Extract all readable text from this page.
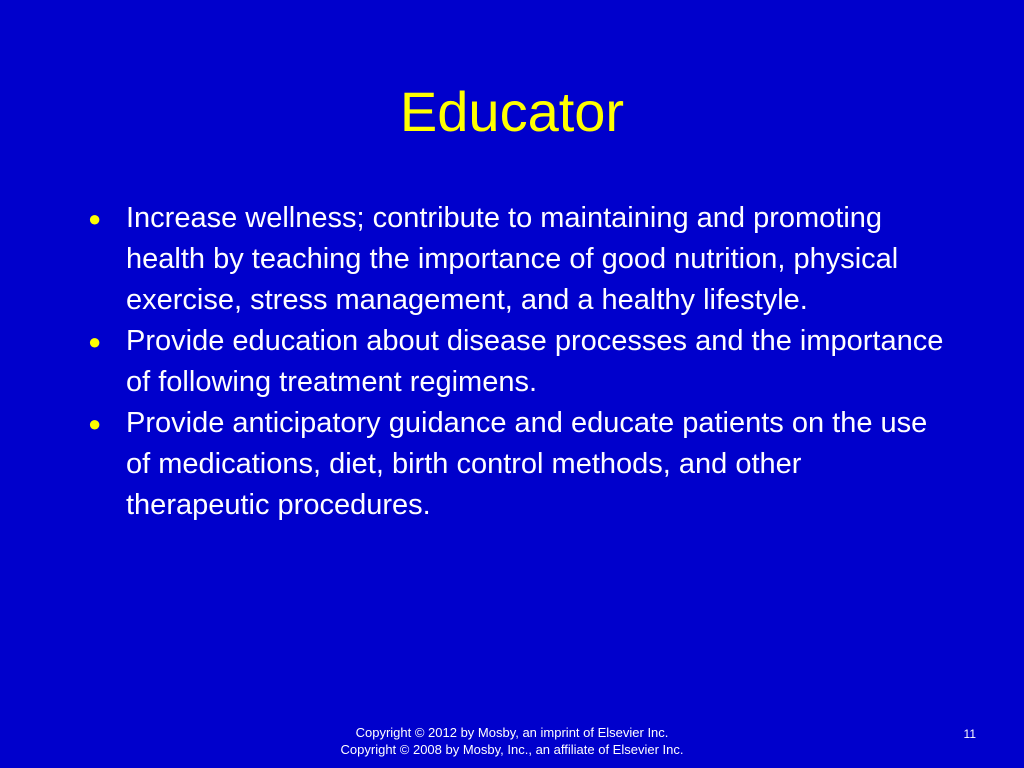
Educator
● Increase wellness; contribute to maintaining and promoting health by teaching the importance of good nutrition, physical exercise, stress management, and a healthy lifestyle.
● Provide education about disease processes and the importance of following treatment regimens.
● Provide anticipatory guidance and educate patients on the use of medications, diet, birth control methods, and other therapeutic procedures.
Copyright © 2012 by Mosby, an imprint of Elsevier Inc.
Copyright © 2008 by Mosby, Inc., an affiliate of Elsevier Inc.
11
